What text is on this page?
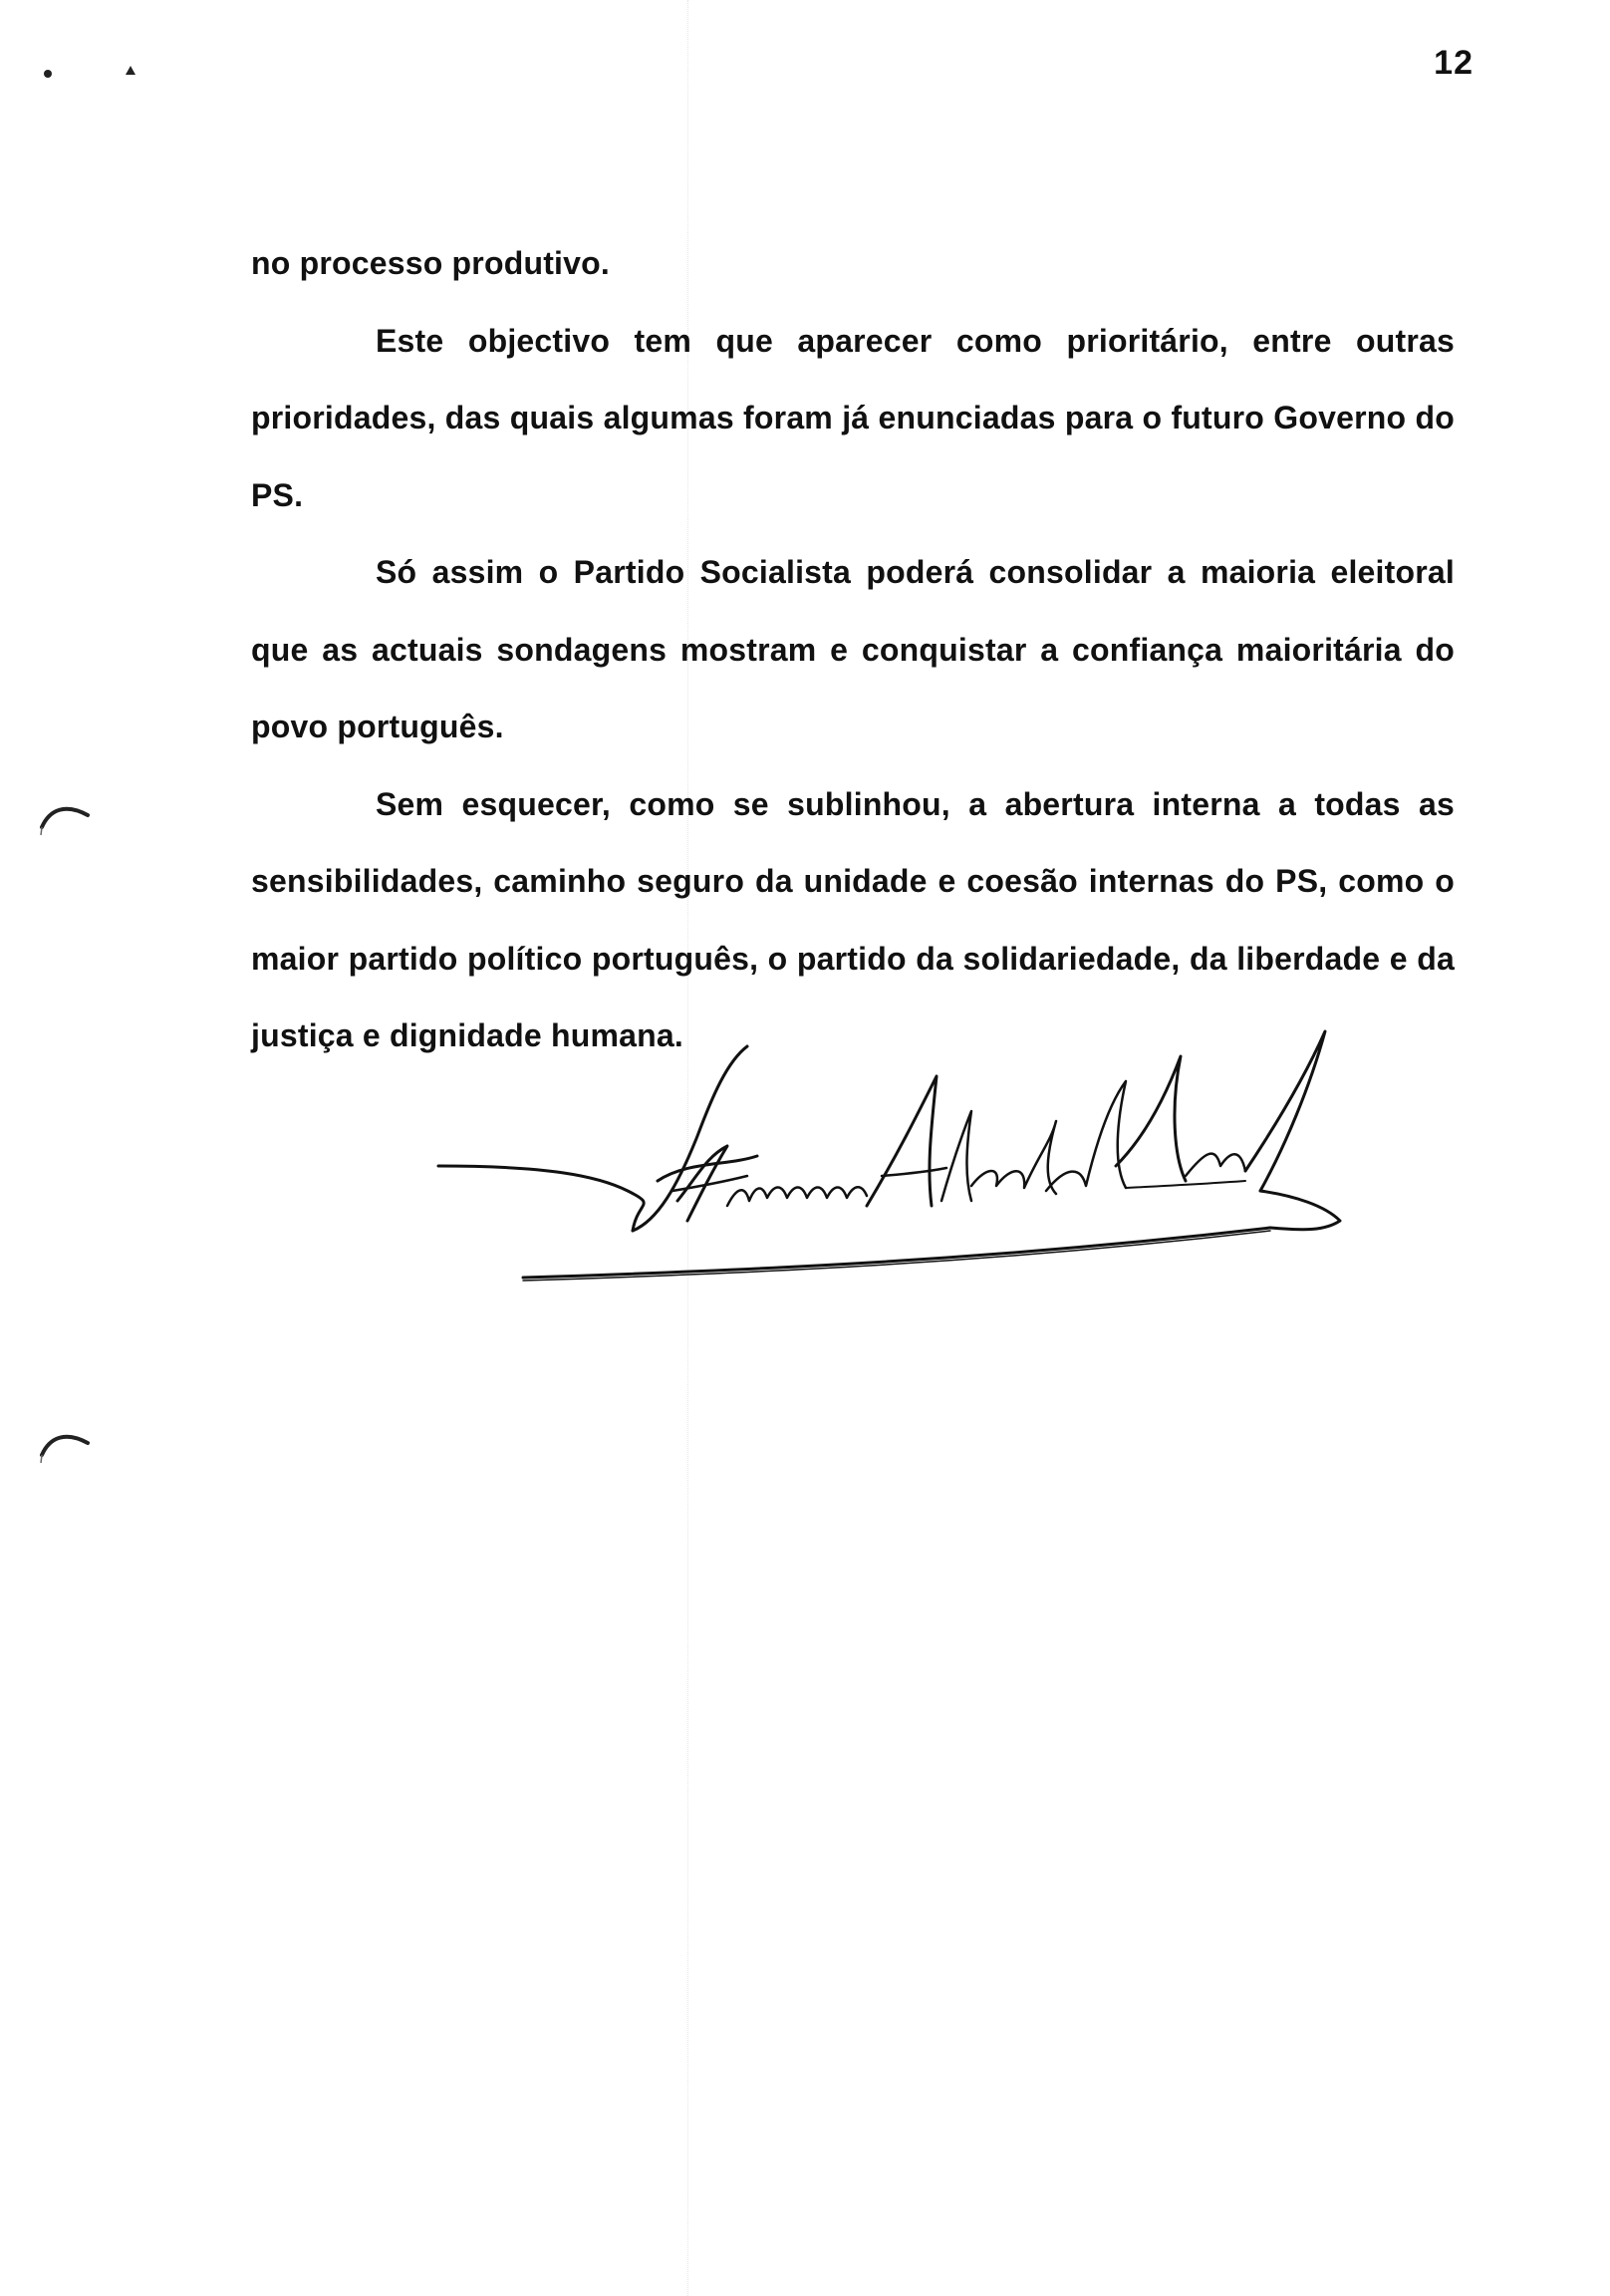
12

no processo produtivo.

Este objectivo tem que aparecer como prioritário, entre outras prioridades, das quais algumas foram já enunciadas para o futuro Governo do PS.

Só assim o Partido Socialista poderá consolidar a maioria eleitoral que as actuais sondagens mostram e conquistar a confiança maioritária do povo português.

Sem esquecer, como se sublinhou, a abertura interna a todas as sensibilidades, caminho seguro da unidade e coesão internas do PS, como o maior partido político português, o partido da solidariedade, da liberdade e da justiça e dignidade humana.
